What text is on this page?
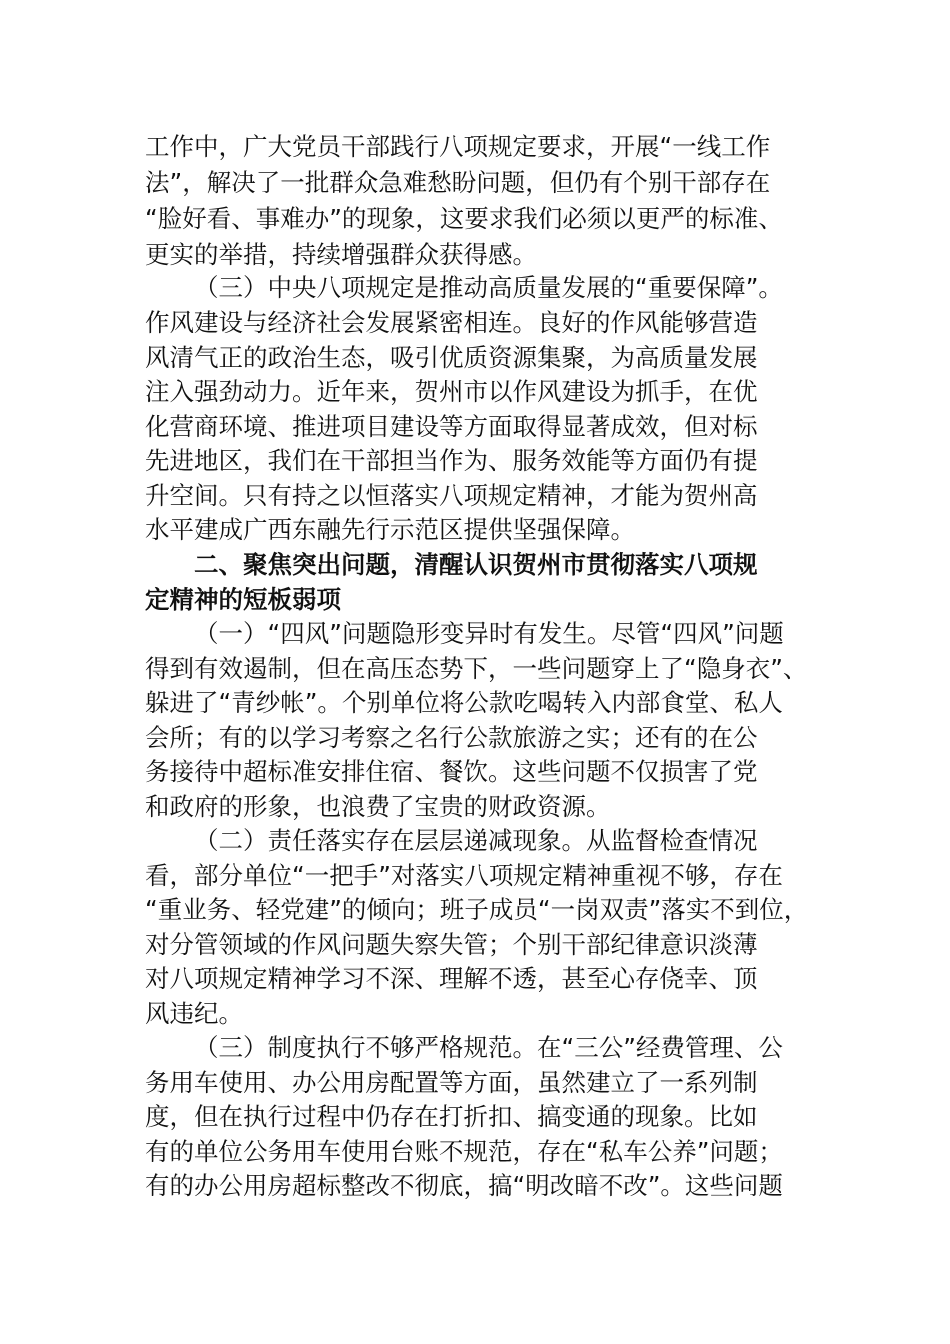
工作中，广大党员干部践行八项规定要求，开展“一线工作
法”，解决了一批群众急难愁盼问题，但仍有个别干部存在
“脸好看、事难办”的现象，这要求我们必须以更严的标准、
更实的举措，持续增强群众获得感。
（三）中央八项规定是推动高质量发展的“重要保障”。
作风建设与经济社会发展紧密相连。良好的作风能够营造
风清气正的政治生态，吸引优质资源集聚，为高质量发展
注入强劲动力。近年来，贺州市以作风建设为抓手，在优
化营商环境、推进项目建设等方面取得显著成效，但对标
先进地区，我们在干部担当作为、服务效能等方面仍有提
升空间。只有持之以恒落实八项规定精神，才能为贺州高
水平建成广西东融先行示范区提供坚强保障。
二、聚焦突出问题，清醒认识贺州市贯彻落实八项规
定精神的短板弱项
（一）“四风”问题隐形变异时有发生。尽管“四风”问题
得到有效遏制，但在高压态势下，一些问题穿上了“隐身衣”、
躲进了“青纱帐”。个别单位将公款吃喝转入内部食堂、私人
会所；有的以学习考察之名行公款旅游之实；还有的在公
务接待中超标准安排住宿、餐饮。这些问题不仅损害了党
和政府的形象，也浪费了宝贵的财政资源。
（二）责任落实存在层层递减现象。从监督检查情况
看，部分单位“一把手”对落实八项规定精神重视不够，存在
“重业务、轻党建”的倾向；班子成员“一岗双责”落实不到位，
对分管领域的作风问题失察失管；个别干部纪律意识淡薄
对八项规定精神学习不深、理解不透，甚至心存侥幸、顶
风违纪。
（三）制度执行不够严格规范。在“三公”经费管理、公
务用车使用、办公用房配置等方面，虽然建立了一系列制
度，但在执行过程中仍存在打折扣、搞变通的现象。比如
有的单位公务用车使用台账不规范，存在“私车公养”问题；
有的办公用房超标整改不彻底，搞“明改暗不改”。这些问题
